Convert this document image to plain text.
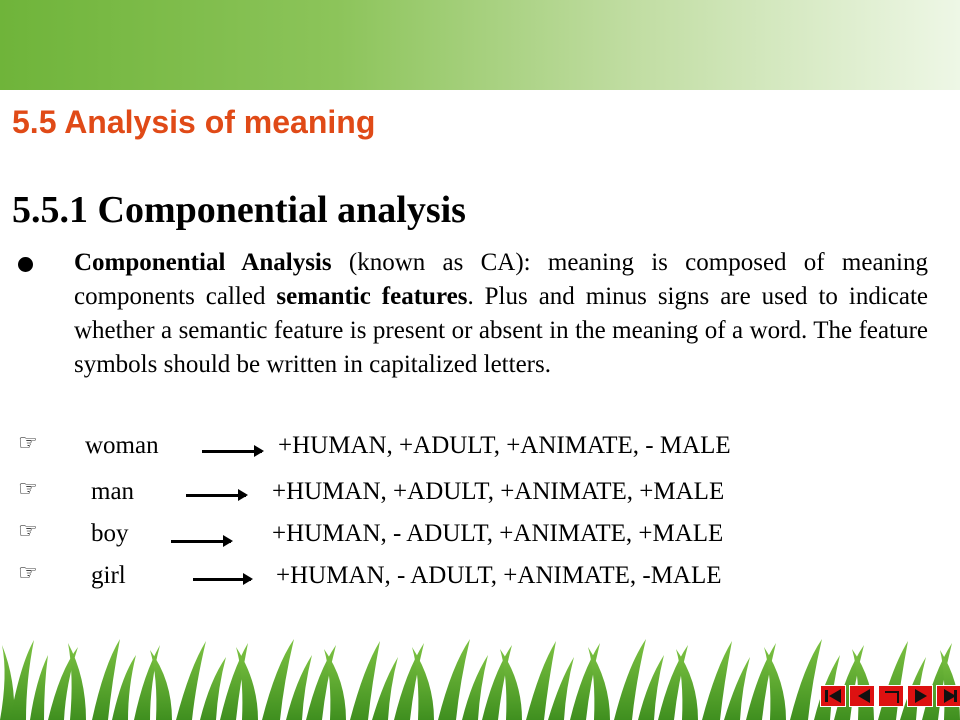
5.5 Analysis of meaning
5.5.1 Componential analysis

Componential Analysis (known as CA): meaning is composed of meaning components called semantic features. Plus and minus signs are used to indicate whether a semantic feature is present or absent in the meaning of a word. The feature symbols should be written in capitalized letters.

☞ woman	+HUMAN, +ADULT, +ANIMATE, - MALE
☞ man	+HUMAN, +ADULT, +ANIMATE, +MALE
☞ boy	+HUMAN, - ADULT, +ANIMATE, +MALE
☞ girl	+HUMAN, - ADULT, +ANIMATE, -MALE
